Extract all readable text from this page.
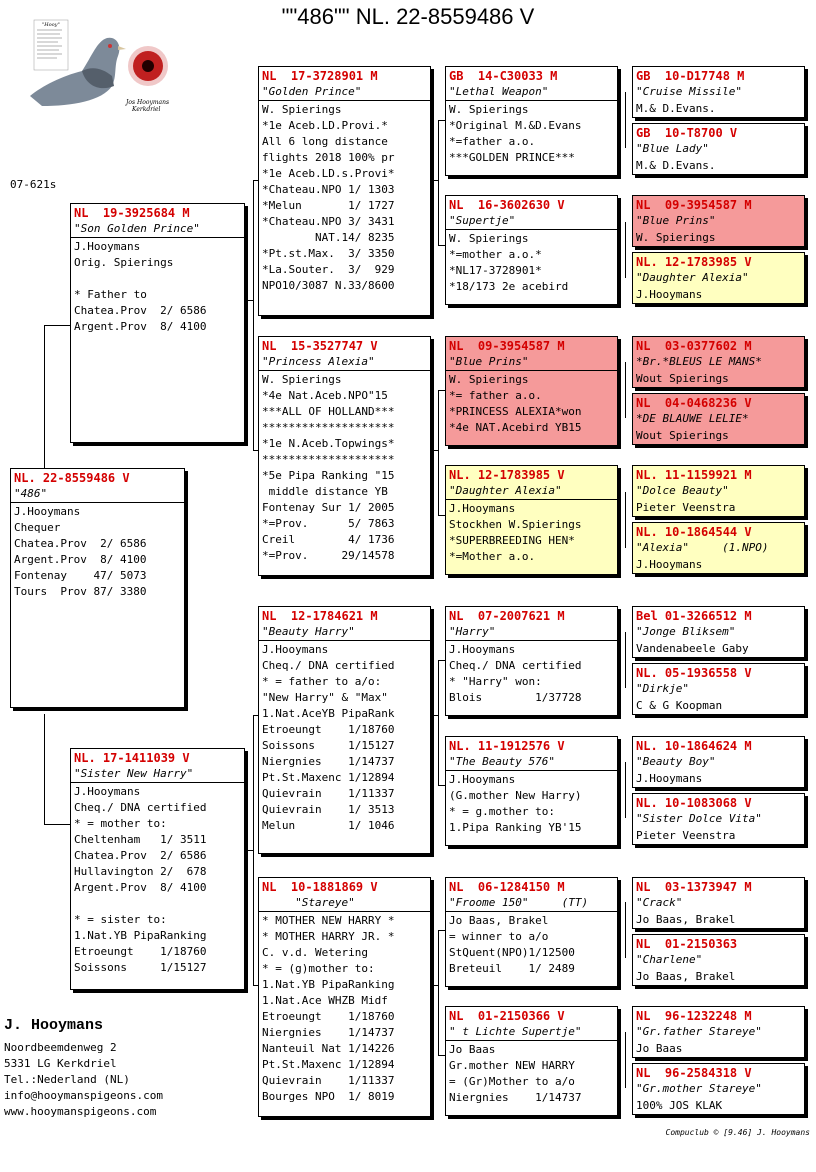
""486"" NL. 22-8559486 V
Jos Hooymans
Kerkdriel
"Hooy"
07-621s
NL. 22-8559486 V
"486"
J.Hooymans
Chequer
Chatea.Prov  2/ 6586
Argent.Prov  8/ 4100
Fontenay    47/ 5073
Tours  Prov 87/ 3380
NL  19-3925684 M
"Son Golden Prince"
J.Hooymans
Orig. Spierings

* Father to
Chatea.Prov  2/ 6586
Argent.Prov  8/ 4100
NL. 17-1411039 V
"Sister New Harry"
J.Hooymans
Cheq./ DNA certified
* = mother to:
Cheltenham   1/ 3511
Chatea.Prov  2/ 6586
Hullavington 2/  678
Argent.Prov  8/ 4100

* = sister to:
1.Nat.YB PipaRanking
Etroeungt    1/18760
Soissons     1/15127
NL  17-3728901 M
"Golden Prince"
W. Spierings
*1e Aceb.LD.Provi.*
All 6 long distance
flights 2018 100% pr
*1e Aceb.LD.s.Provi*
*Chateau.NPO 1/ 1303
*Melun       1/ 1727
*Chateau.NPO 3/ 3431
NAT.14/ 8235
*Pt.st.Max.  3/ 3350
*La.Souter.  3/  929
NPO10/3087 N.33/8600
NL  15-3527747 V
"Princess Alexia"
W. Spierings
*4e Nat.Aceb.NPO"15
***ALL OF HOLLAND***
********************
*1e N.Aceb.Topwings*
********************
*5e Pipa Ranking "15
middle distance YB
Fontenay Sur 1/ 2005
*=Prov.      5/ 7863
Creil        4/ 1736
*=Prov.     29/14578
NL  12-1784621 M
"Beauty Harry"
J.Hooymans
Cheq./ DNA certified
* = father to a/o:
"New Harry" & "Max"
1.Nat.AceYB PipaRank
Etroeungt    1/18760
Soissons     1/15127
Niergnies    1/14737
Pt.St.Maxenc 1/12894
Quievrain    1/11337
Quievrain    1/ 3513
Melun        1/ 1046
NL  10-1881869 V
"Stareye"
* MOTHER NEW HARRY *
* MOTHER HARRY JR. *
C. v.d. Wetering
* = (g)mother to:
1.Nat.YB PipaRanking
1.Nat.Ace WHZB Midf
Etroeungt    1/18760
Niergnies    1/14737
Nanteuil Nat 1/14226
Pt.St.Maxenc 1/12894
Quievrain    1/11337
Bourges NPO  1/ 8019
GB  14-C30033 M
"Lethal Weapon"
W. Spierings
*Original M.&D.Evans
*=father a.o.
***GOLDEN PRINCE***
NL  16-3602630 V
"Supertje"
W. Spierings
*=mother a.o.*
*NL17-3728901*
*18/173 2e acebird
NL  09-3954587 M
"Blue Prins"
W. Spierings
*= father a.o.
*PRINCESS ALEXIA*won
*4e NAT.Acebird YB15
NL. 12-1783985 V
"Daughter Alexia"
J.Hooymans
Stockhen W.Spierings
*SUPERBREEDING HEN*
*=Mother a.o.
NL  07-2007621 M
"Harry"
J.Hooymans
Cheq./ DNA certified
* "Harry" won:
Blois        1/37728
NL. 11-1912576 V
"The Beauty 576"
J.Hooymans
(G.mother New Harry)
* = g.mother to:
1.Pipa Ranking YB'15
NL  06-1284150 M
"Froome 150"     (TT)
Jo Baas, Brakel
= winner to a/o
StQuent(NPO)1/12500
Breteuil    1/ 2489
NL  01-2150366 V
" t Lichte Supertje"
Jo Baas
Gr.mother NEW HARRY
= (Gr)Mother to a/o
Niergnies    1/14737
GB  10-D17748 M
"Cruise Missile"
M.& D.Evans.
GB  10-T8700 V
"Blue Lady"
M.& D.Evans.
NL  09-3954587 M
"Blue Prins"
W. Spierings
NL. 12-1783985 V
"Daughter Alexia"
J.Hooymans
NL  03-0377602 M
*Br.*BLEUS LE MANS*
Wout Spierings
NL  04-0468236 V
*DE BLAUWE LELIE*
Wout Spierings
NL. 11-1159921 M
"Dolce Beauty"
Pieter Veenstra
NL. 10-1864544 V
"Alexia"     (1.NPO)
J.Hooymans
Bel 01-3266512 M
"Jonge Bliksem"
Vandenabeele Gaby
NL. 05-1936558 V
"Dirkje"
C & G Koopman
NL. 10-1864624 M
"Beauty Boy"
J.Hooymans
NL. 10-1083068 V
"Sister Dolce Vita"
Pieter Veenstra
NL  03-1373947 M
"Crack"
Jo Baas, Brakel
NL  01-2150363
"Charlene"
Jo Baas, Brakel
NL  96-1232248 M
"Gr.father Stareye"
Jo Baas
NL  96-2584318 V
"Gr.mother Stareye"
100% JOS KLAK
J. Hooymans
Noordbeemdenweg 2
5331 LG Kerkdriel
Tel.:Nederland (NL)
info@hooymanspigeons.com
www.hooymanspigeons.com
Compuclub © [9.46] J. Hooymans
